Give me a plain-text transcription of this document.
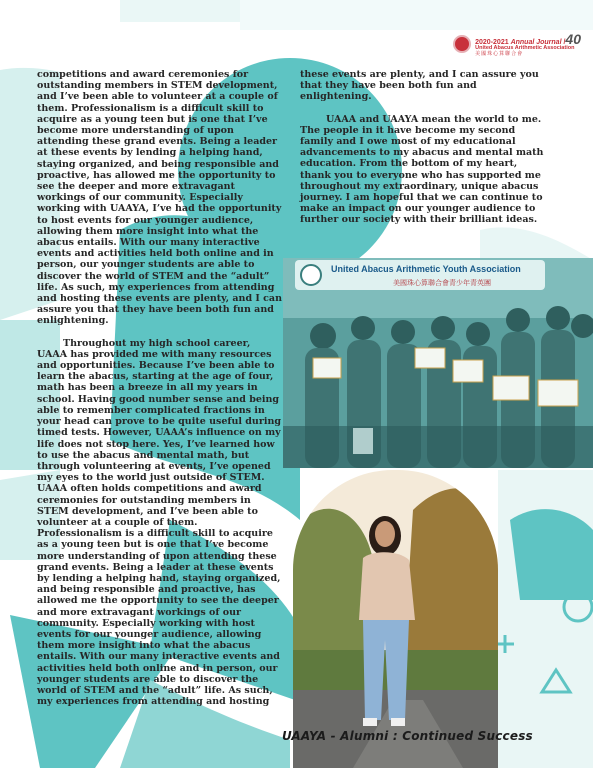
2020-2021 Annual Journal /40
United Abacus Arithmetic Association
美國珠心算聯合會

competitions and award ceremonies for outstanding members in STEM development, and I’ve been able to volunteer at a couple of them. Professionalism is a difficult skill to acquire as a young teen but is one that I’ve become more understanding of upon attending these grand events. Being a leader at these events by lending a helping hand, staying organized, and being responsible and proactive, has allowed me the opportunity to see the deeper and more extravagant workings of our community. Especially working with UAAYA, I’ve had the opportunity to host events for our younger audience, allowing them more insight into what the abacus entails. With our many interactive events and activities held both online and in person, our younger students are able to discover the world of STEM and the “adult” life. As such, my experiences from attending and hosting these events are plenty, and I can assure you that they have been both fun and enlightening.

Throughout my high school career, UAAA has provided me with many resources and opportunities. Because I’ve been able to learn the abacus, starting at the age of four, math has been a breeze in all my years in school. Having good number sense and being able to remember complicated fractions in your head can prove to be quite useful during timed tests. However, UAAA’s influence on my life does not stop here. Yes, I’ve learned how to use the abacus and mental math, but through volunteering at events, I’ve opened my eyes to the world just outside of STEM. UAAA often holds competitions and award ceremonies for outstanding members in STEM development, and I’ve been able to volunteer at a couple of them. Professionalism is a difficult skill to acquire as a young teen but is one that I’ve become more understanding of upon attending these grand events. Being a leader at these events by lending a helping hand, staying organized, and being responsible and proactive, has allowed me the opportunity to see the deeper and more extravagant workings of our community. Especially working with host events for our younger audience, allowing them more insight into what the abacus entails. With our many interactive events and activities held both online and in person, our younger students are able to discover the world of STEM and the “adult” life. As such, my experiences from attending and hosting

these events are plenty, and I can assure you that they have been both fun and enlightening.

UAAA and UAAYA mean the world to me. The people in it have become my second family and I owe most of my educational advancements to my abacus and mental math education. From the bottom of my heart, thank you to everyone who has supported me throughout my extraordinary, unique abacus journey. I am hopeful that we can continue to make an impact on our younger audience to further our society with their brilliant ideas.

United Abacus Arithmetic Youth Association
美國珠心算聯合會青少年青英團
UAAYA - Alumni : Continued Success
